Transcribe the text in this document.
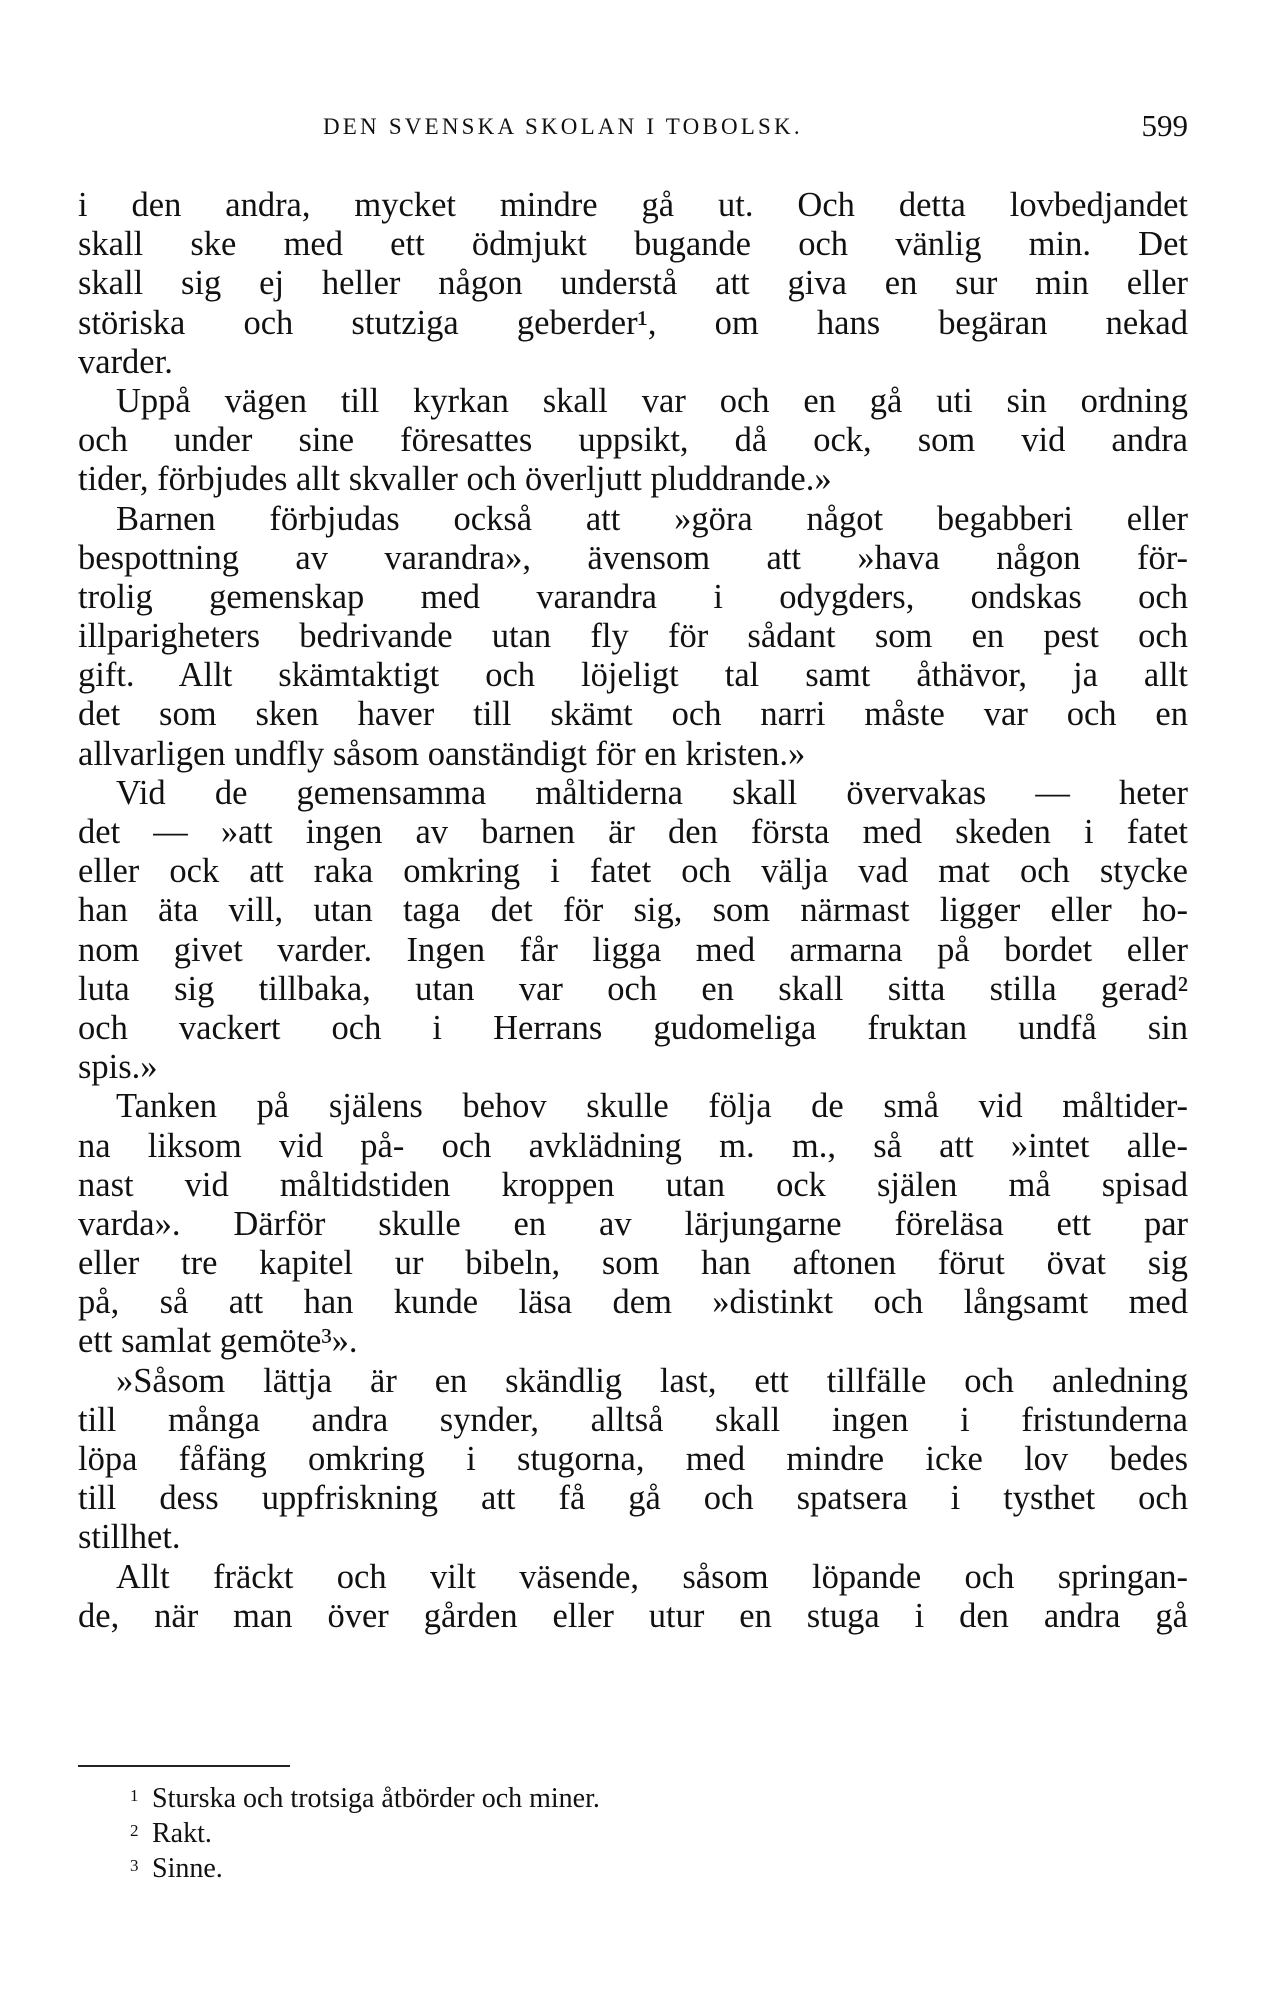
DEN SVENSKA SKOLAN I TOBOLSK.	599
i den andra, mycket mindre gå ut. Och detta lovbedjandet
skall ske med ett ödmjukt bugande och vänlig min. Det
skall sig ej heller någon understå att giva en sur min eller
störiska och stutziga geberder¹, om hans begäran nekad
varder.
Uppå vägen till kyrkan skall var och en gå uti sin ordning
och under sine föresattes uppsikt, då ock, som vid andra
tider, förbjudes allt skvaller och överljutt pluddrande.»
Barnen förbjudas också att »göra något begabberi eller
bespottning av varandra», ävensom att »hava någon för-
trolig gemenskap med varandra i odygders, ondskas och
illparigheters bedrivande utan fly för sådant som en pest och
gift. Allt skämtaktigt och löjeligt tal samt åthävor, ja allt
det som sken haver till skämt och narri måste var och en
allvarligen undfly såsom oanständigt för en kristen.»
Vid de gemensamma måltiderna skall övervakas — heter
det — »att ingen av barnen är den första med skeden i fatet
eller ock att raka omkring i fatet och välja vad mat och stycke
han äta vill, utan taga det för sig, som närmast ligger eller ho-
nom givet varder. Ingen får ligga med armarna på bordet eller
luta sig tillbaka, utan var och en skall sitta stilla gerad²
och vackert och i Herrans gudomeliga fruktan undfå sin
spis.»
Tanken på själens behov skulle följa de små vid måltider-
na liksom vid på- och avklädning m. m., så att »intet alle-
nast vid måltidstiden kroppen utan ock själen må spisad
varda». Därför skulle en av lärjungarne föreläsa ett par
eller tre kapitel ur bibeln, som han aftonen förut övat sig
på, så att han kunde läsa dem »distinkt och långsamt med
ett samlat gemöte³».
»Såsom lättja är en skändlig last, ett tillfälle och anledning
till många andra synder, alltså skall ingen i fristunderna
löpa fåfäng omkring i stugorna, med mindre icke lov bedes
till dess uppfriskning att få gå och spatsera i tysthet och
stillhet.
Allt fräckt och vilt väsende, såsom löpande och springan-
de, när man över gården eller utur en stuga i den andra gå
1 Sturska och trotsiga åtbörder och miner.
2 Rakt.
3 Sinne.
